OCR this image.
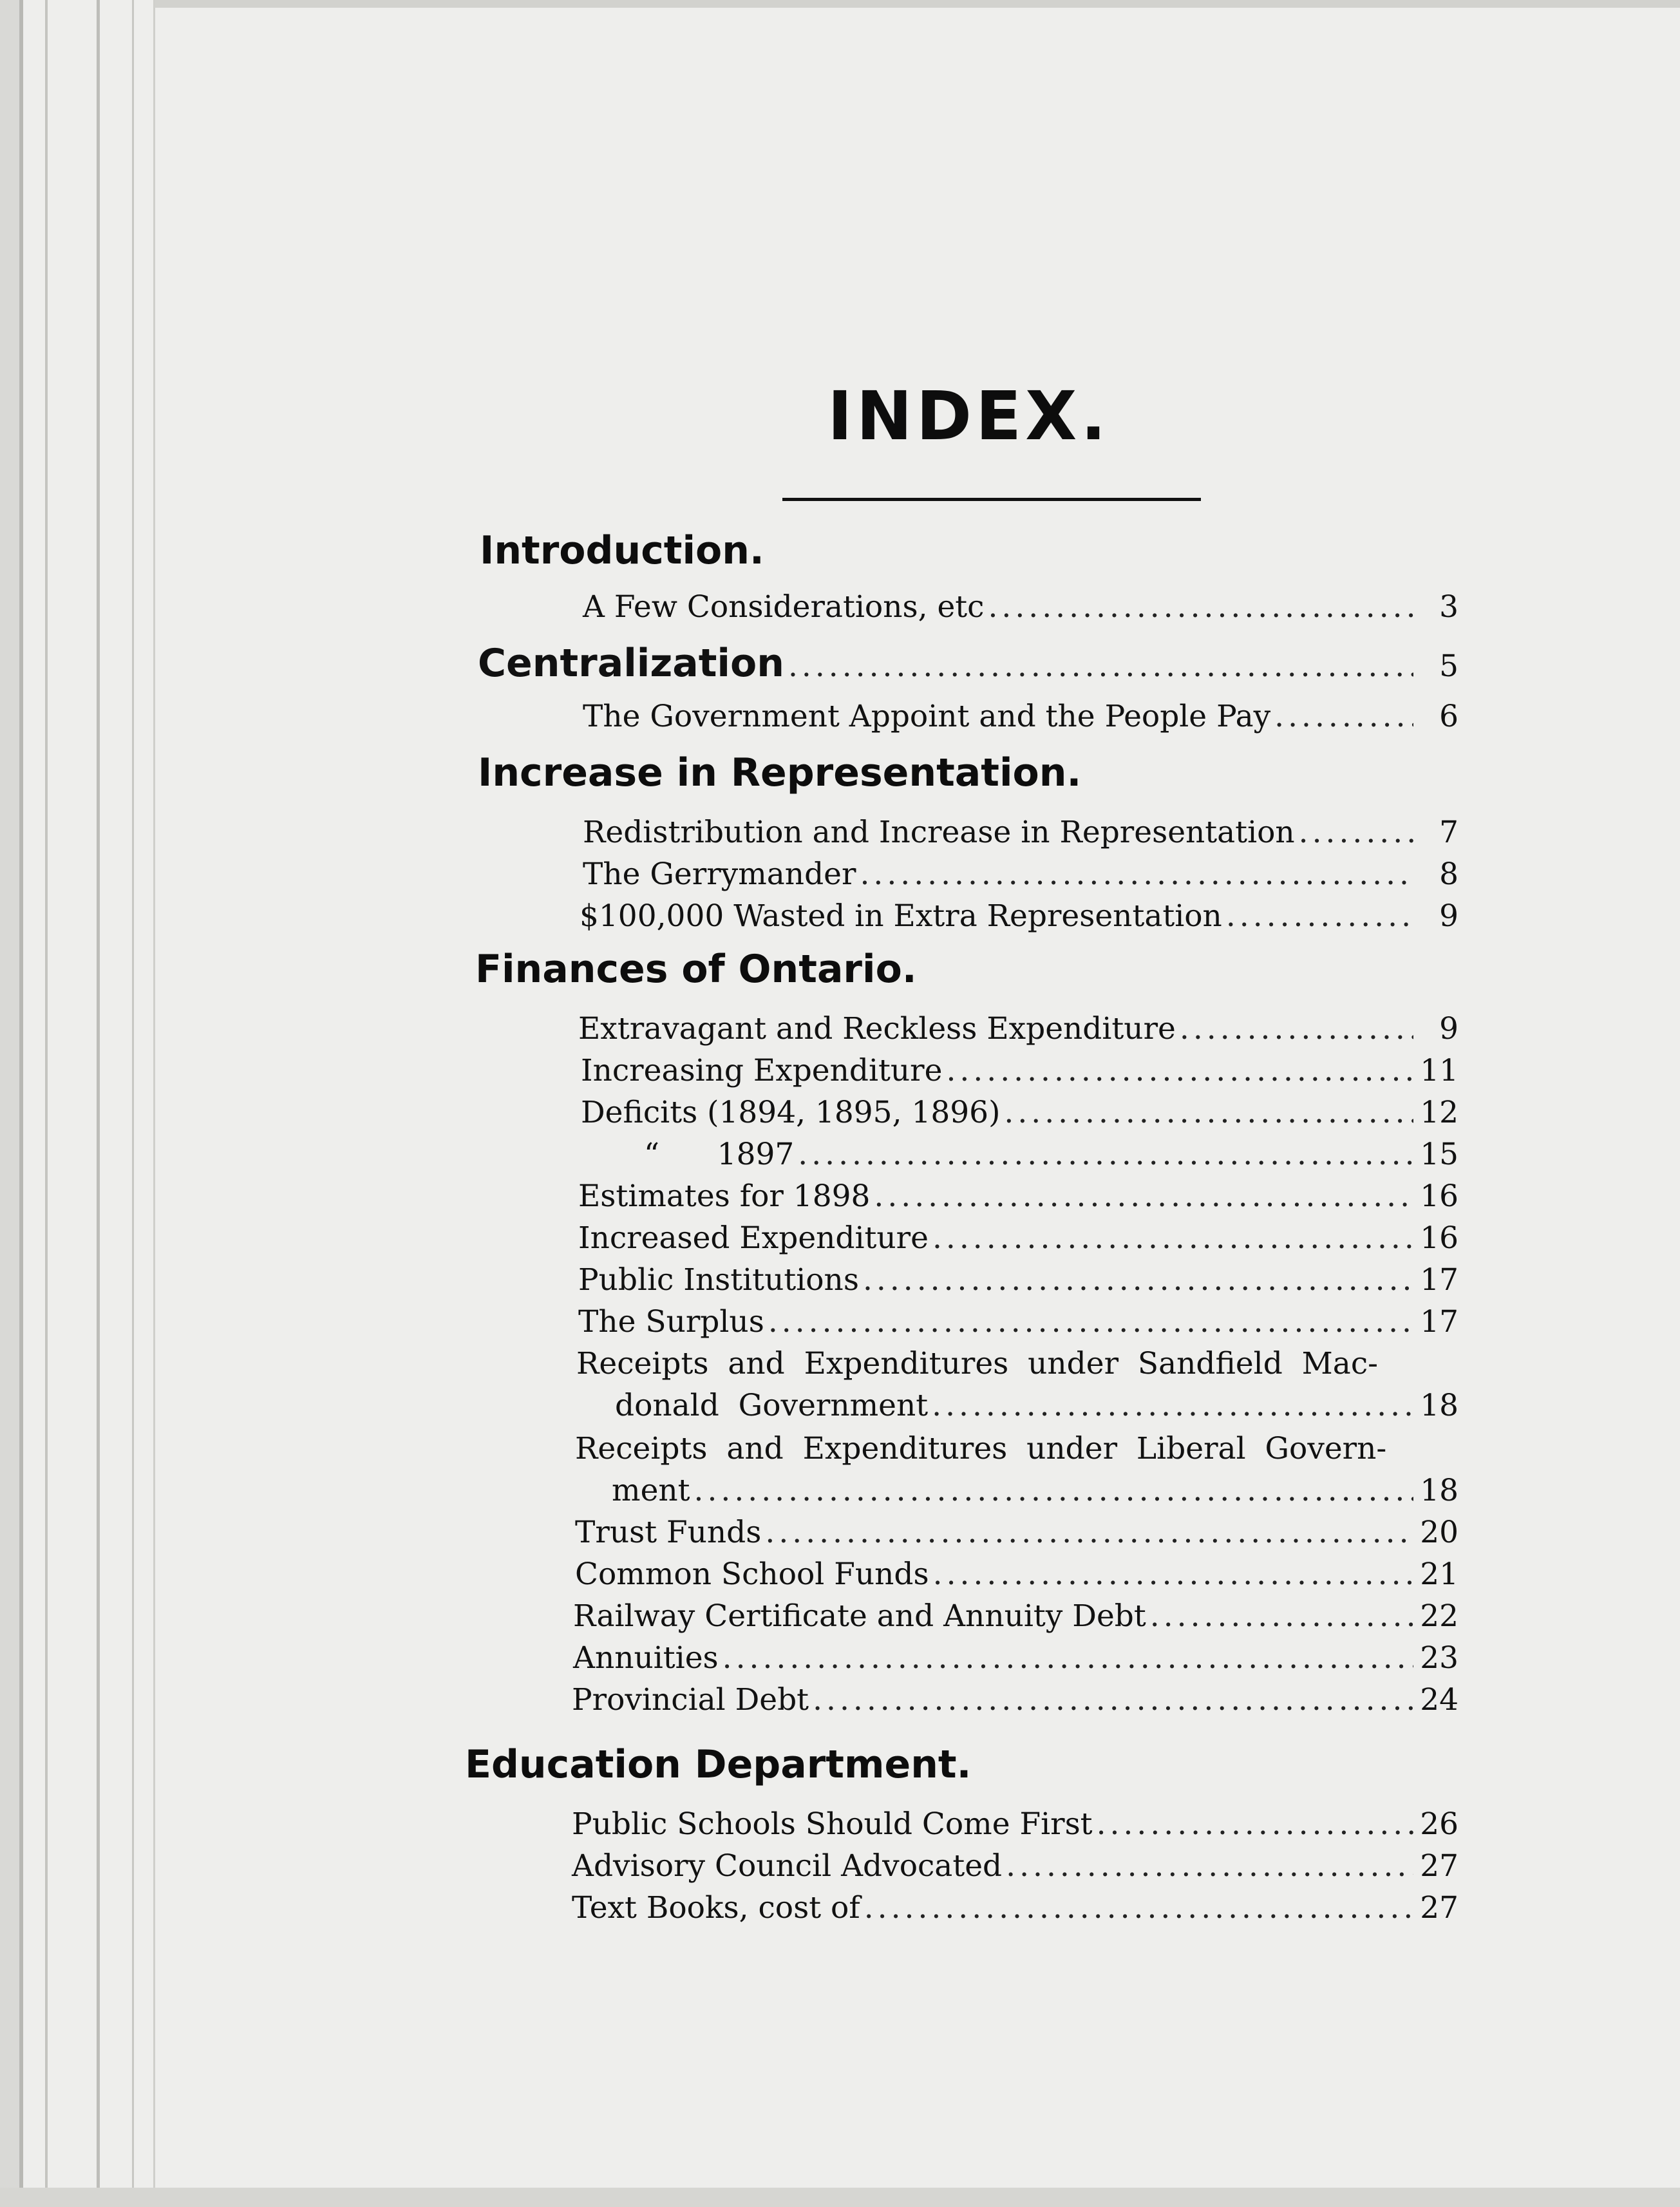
INDEX.
Introduction.
A Few Considerations, etc .....	3
Centralization .....	5
The Government Appoint and the People Pay .....	6
Increase in Representation.
Redistribution and Increase in Representation .....	7
The Gerrymander .....	8
$100,000 Wasted in Extra Representation .....	9
Finances of Ontario.
Extravagant and Reckless Expenditure .....	9
Increasing Expenditure .....	11
Deficits (1894, 1895, 1896) .....	12
“      1897 .....	15
Estimates for 1898 .....	16
Increased Expenditure .....	16
Public Institutions .....	17
The Surplus .....	17
Receipts  and  Expenditures  under  Sandfield  Mac-
donald  Government .....	18
Receipts  and  Expenditures  under  Liberal  Govern-
ment .....	18
Trust Funds .....	20
Common School Funds .....	21
Railway Certificate and Annuity Debt .....	22
Annuities .....	23
Provincial Debt .....	24
Education Department.
Public Schools Should Come First .....	26
Advisory Council Advocated .....	27
Text Books, cost of .....	27
